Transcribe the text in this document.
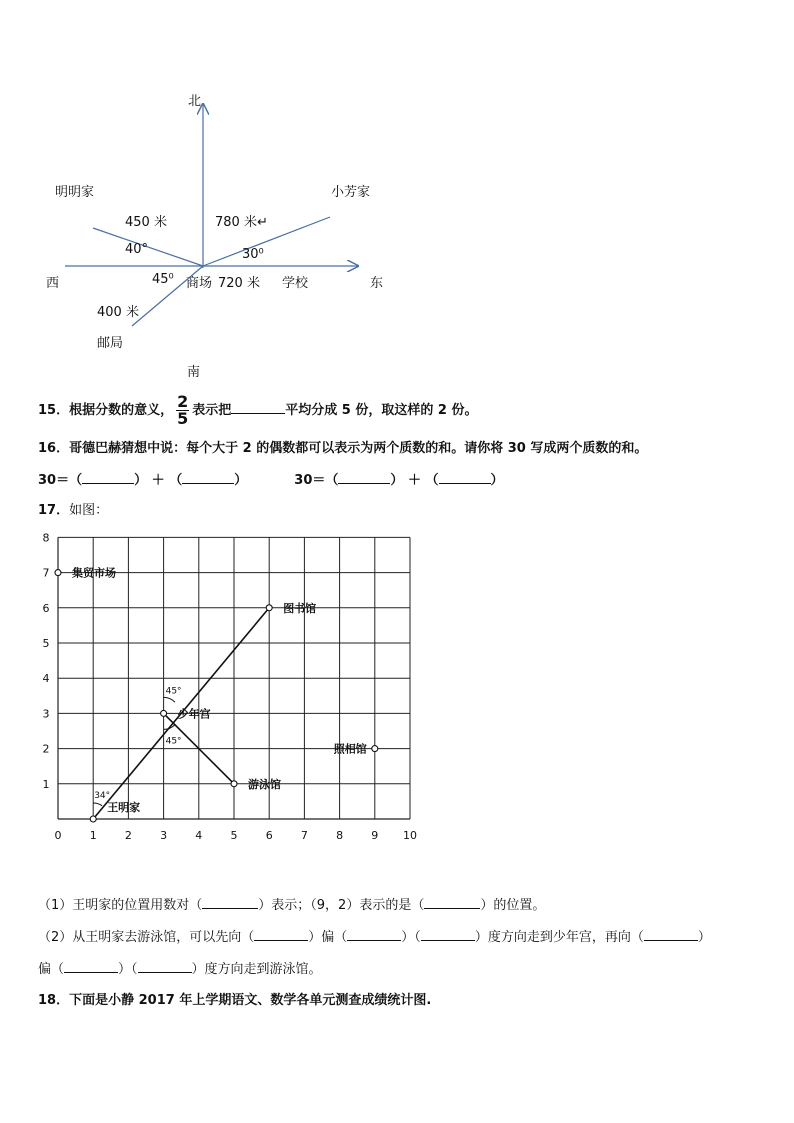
北
明明家	小芳家
450 米	780 米↵
40°	30⁰
西	45⁰ 商场 720 米 学校	东
400 米
邮局
南
15．根据分数的意义， $\frac{2}{5}$ 表示把	平均分成 5 份，取这样的 2 份。
16．哥德巴赫猜想中说：每个大于 2 的偶数都可以表示为两个质数的和。请你将 30 写成两个质数的和。
30＝（	） ＋ （	）	30＝（	） ＋ （	）
17．如图：
0	1	2	3	4	5	6	7	8	9 10
1
2
3
4
5
6
7
8
45°
45°
34°
集贸市场
图书馆
少年宫
照相馆
游泳馆
王明家
（1）王明家的位置用数对（	）表示；（9，2）表示的是（	）的位置。
（2）从王明家去游泳馆，可以先向（	）偏（	）（	）度方向走到少年宫，再向（	）
偏（	）（	）度方向走到游泳馆。
18．下面是小静 2017 年上学期语文、数学各单元测查成绩统计图.
